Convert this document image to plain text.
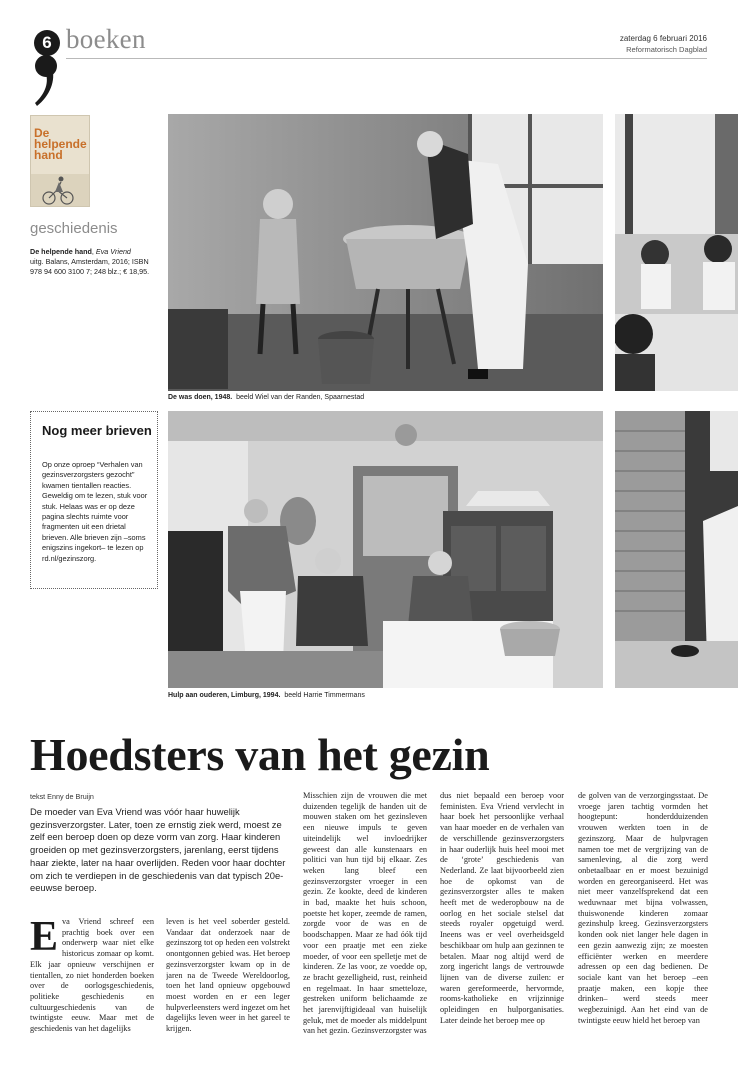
6 boeken	zaterdag 6 februari 2016
Reformatorisch Dagblad
De helpende hand
geschiedenis
De helpende hand, Eva Vriend
uitg. Balans, Amsterdam, 2016; ISBN 978 94 600 3100 7; 248 blz.; € 18,95.
Nog meer brieven
Op onze oproep “Verhalen van gezinsverzorgsters gezocht” kwamen tientallen reacties. Geweldig om te lezen, stuk voor stuk. Helaas was er op deze pagina slechts ruimte voor fragmenten uit een drietal brieven. Alle brieven zijn –soms enigszins ingekort– te lezen op rd.nl/gezinszorg.
De was doen, 1948. beeld Wiel van der Randen, Spaarnestad
Hulp aan ouderen, Limburg, 1994. beeld Harrie Timmermans
Hoedsters van het gezin
tekst Enny de Bruijn
De moeder van Eva Vriend was vóór haar huwelijk gezinsverzorgster. Later, toen ze ernstig ziek werd, moest ze zelf een beroep doen op deze vorm van zorg. Haar kinderen groeiden op met gezinsverzorgsters, jarenlang, eerst tijdens haar ziekte, later na haar overlijden. Reden voor haar dochter om zich te verdiepen in de geschiedenis van dat typisch 20e-eeuwse beroep.
E va Vriend schreef een prachtig boek over een onderwerp waar niet elke historicus zomaar op komt. Elk jaar opnieuw verschijnen er tientallen, zo niet honderden boeken over de oorlogsgeschiedenis, politieke geschiedenis en cultuurgeschiedenis van de twintigste eeuw. Maar met de geschiedenis van het dagelijks
leven is het veel soberder gesteld. Vandaar dat onderzoek naar de gezinszorg tot op heden een volstrekt onontgonnen gebied was. Het beroep gezinsverzorgster kwam op in de jaren na de Tweede Wereldoorlog, toen het land opnieuw opgebouwd moest worden en er een leger hulpverleensters werd ingezet om het dagelijks leven weer in het gareel te krijgen.
Misschien zijn de vrouwen die met duizenden tegelijk de handen uit de mouwen staken om het gezinsleven een nieuwe impuls te geven uiteindelijk wel invloedrijker geweest dan alle kunstenaars en politici van hun tijd bij elkaar. Zes weken lang bleef een gezinsverzorgster vroeger in een gezin. Ze kookte, deed de kinderen in bad, maakte het huis schoon, poetste het koper, zeemde de ramen, zorgde voor de was en de boodschappen. Maar ze had óók tijd voor een praatje met een zieke moeder, of voor een spelletje met de kinderen. Ze las voor, ze voedde op, ze bracht gezelligheid, rust, reinheid en regelmaat. In haar smetteloze, gestreken uniform belichaamde ze het jarenvijftigideaal van huiselijk geluk, met de moeder als middelpunt van het gezin. Gezinsverzorgster was
dus niet bepaald een beroep voor feministen. Eva Vriend vervlecht in haar boek het persoonlijke verhaal van haar moeder en de verhalen van de verschillende gezinsverzorgsters in haar ouderlijk huis heel mooi met de ‘grote’ geschiedenis van Nederland. Ze laat bijvoorbeeld zien hoe de opkomst van de gezinsverzorgster alles te maken heeft met de wederopbouw na de oorlog en het sociale stelsel dat steeds royaler opgetuigd werd. Ineens was er veel overheidsgeld beschikbaar om hulp aan gezinnen te betalen. Maar nog altijd werd de zorg ingericht langs de vertrouwde lijnen van de diverse zuilen: er waren gereformeerde, hervormde, rooms-katholieke en vrijzinnige opleidingen en hulporganisaties. Later deinde het beroep mee op
de golven van de verzorgingsstaat. De vroege jaren tachtig vormden het hoogtepunt: honderdduizenden vrouwen werkten toen in de gezinszorg. Maar de hulpvragen namen toe met de vergrijzing van de samenleving, al die zorg werd onbetaalbaar en er moest bezuinigd worden en gereorganiseerd. Het was niet meer vanzelfsprekend dat een weduwnaar met bijna volwassen, thuiswonende kinderen zomaar gezinshulp kreeg. Gezinsverzorgsters konden ook niet langer hele dagen in een gezin aanwezig zijn; ze moesten efficiënter werken en meerdere adressen op een dag bedienen. De sociale kant van het beroep –een praatje maken, een kopje thee drinken– werd steeds meer wegbezuinigd. Aan het eind van de twintigste eeuw hield het beroep van
